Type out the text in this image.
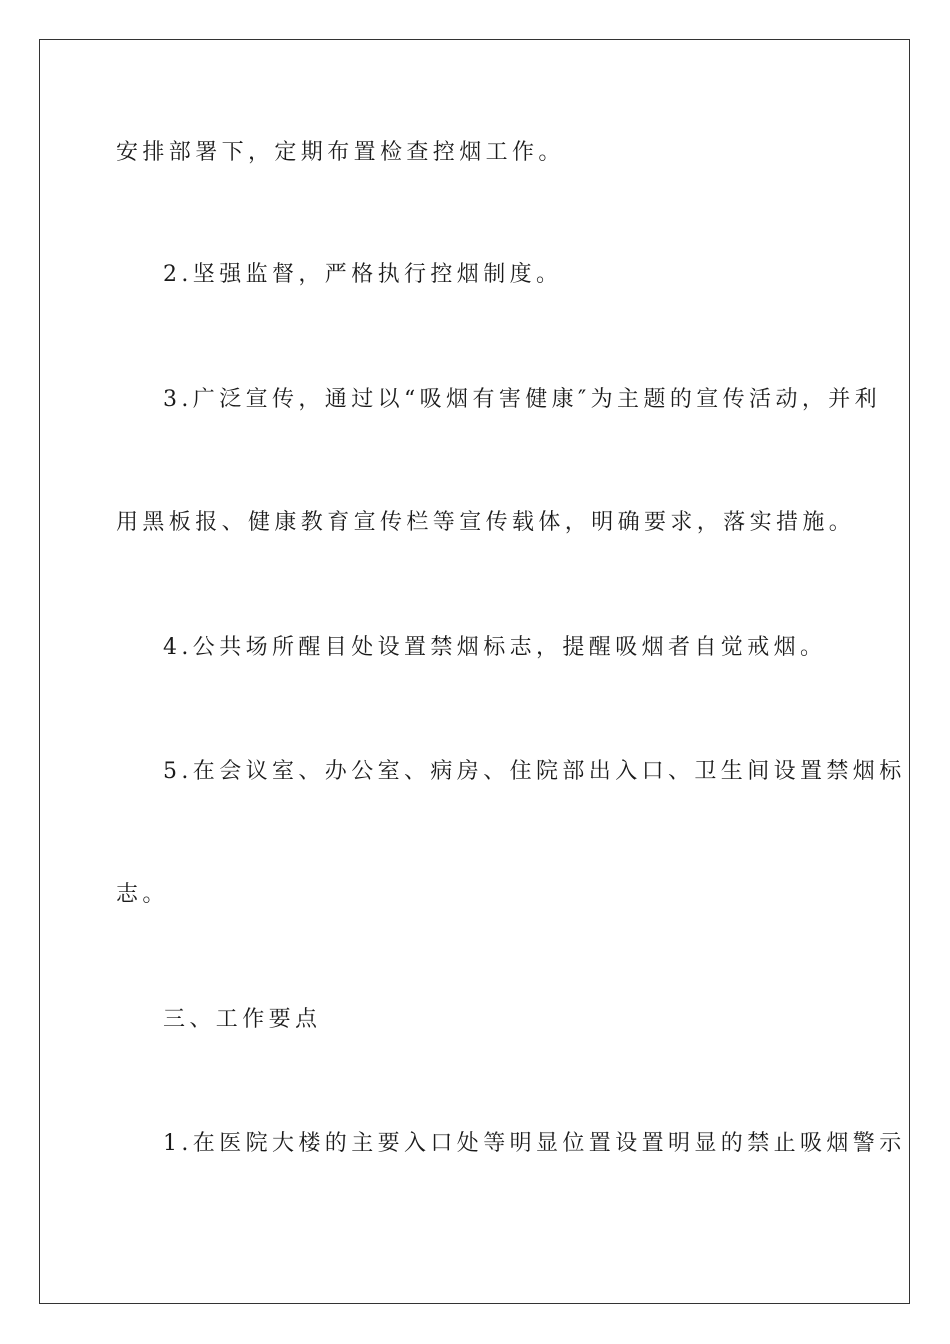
安排部署下，定期布置检查控烟工作。
2.坚强监督，严格执行控烟制度。
3.广泛宣传，通过以“吸烟有害健康″为主题的宣传活动，并利
用黑板报、健康教育宣传栏等宣传载体，明确要求，落实措施。
4.公共场所醒目处设置禁烟标志，提醒吸烟者自觉戒烟。
5.在会议室、办公室、病房、住院部出入口、卫生间设置禁烟标
志。
三、工作要点
1.在医院大楼的主要入口处等明显位置设置明显的禁止吸烟警示
